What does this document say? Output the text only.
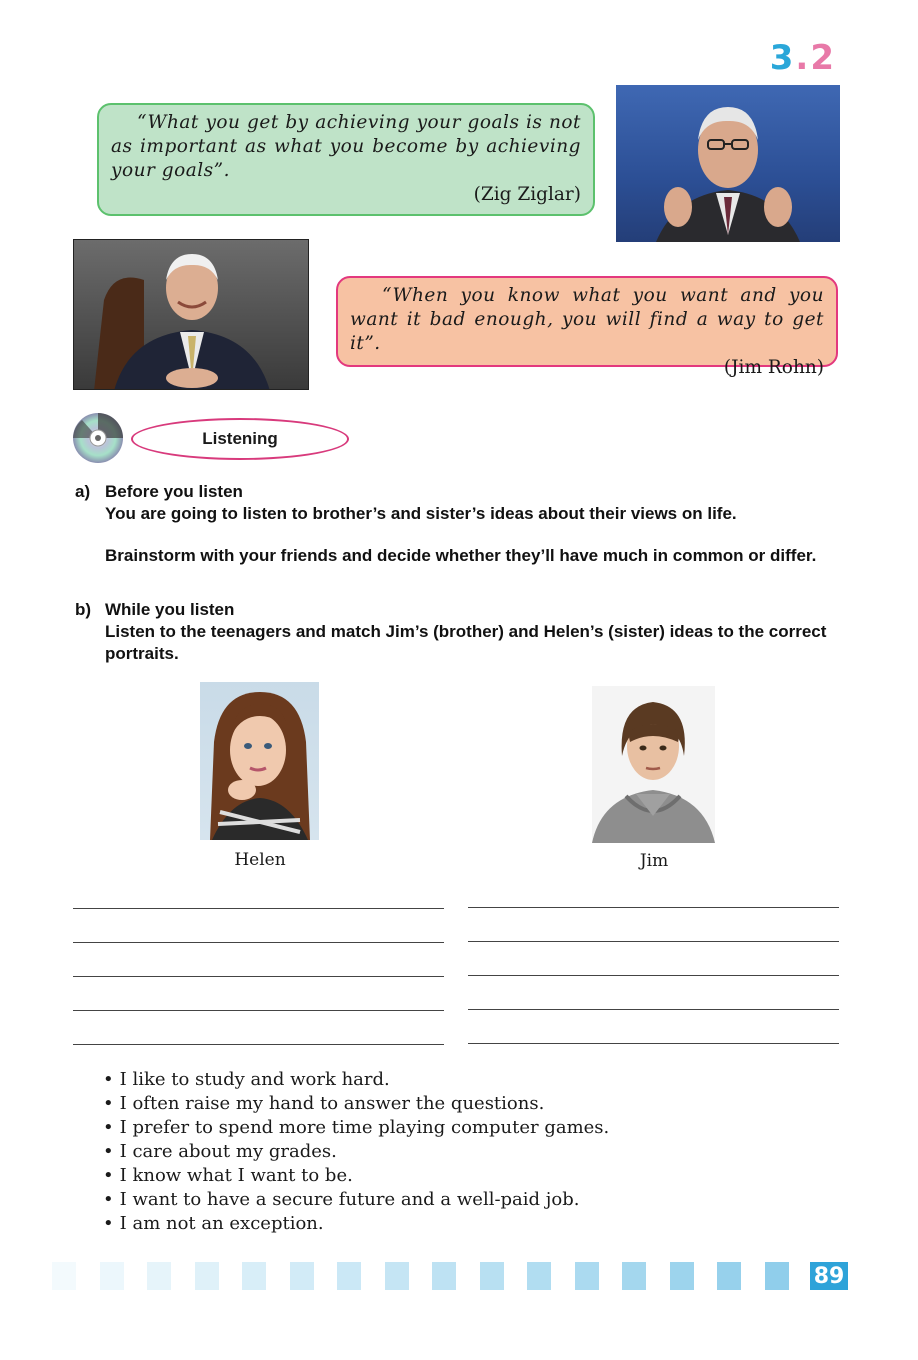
3.2
“What you get by achieving your goals is not as important as what you become by achieving your goals”.
(Zig Ziglar)
“When you know what you want and you want it bad enough, you will find a way to get it”.
(Jim Rohn)
Listening
a) Before you listen
You are going to listen to brother’s and sister’s ideas about their views on life.
Brainstorm with your friends and decide whether they’ll have much in common or differ.
b) While you listen
Listen to the teenagers and match Jim’s (brother) and Helen’s (sister) ideas to the correct portraits.
Helen	Jim
• I like to study and work hard.
• I often raise my hand to answer the questions.
• I prefer to spend more time playing computer games.
• I care about my grades.
• I know what I want to be.
• I want to have a secure future and a well-paid job.
• I am not an exception.
89
